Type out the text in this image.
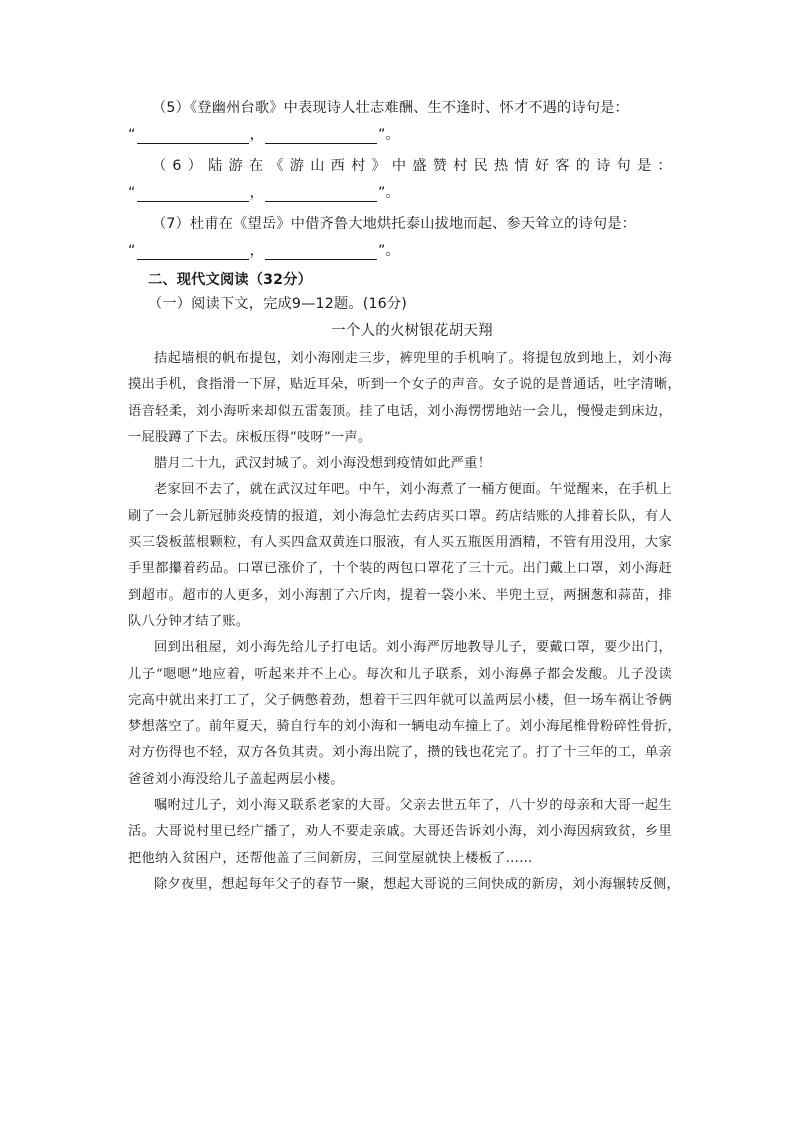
（5）《登幽州台歌》中表现诗人壮志难酬、生不逢时、怀才不遇的诗句是：
“	，	”。
（ 6 ） 陆 游 在 《 游 山 西 村 》 中 盛 赞 村 民 热 情 好 客 的 诗 句 是 ：
“	，	”。
（7）杜甫在《望岳》中借齐鲁大地烘托泰山拔地而起、参天耸立的诗句是：
“	，	”。
二、现代文阅读（32分）
（一）阅读下文，完成9—12题。(16分)
一个人的火树银花胡天翔
拮起墙根的帆布提包，刘小海刚走三步，裤兜里的手机响了。将提包放到地上，刘小海
摸出手机，食指滑一下屏，贴近耳朵，听到一个女子的声音。女子说的是普通话，吐字清晰，
语音轻柔，刘小海听来却似五雷轰顶。挂了电话，刘小海愣愣地站一会儿，慢慢走到床边，
一屁股蹲了下去。床板压得“吱呀”一声。
腊月二十九，武汉封城了。刘小海没想到疫情如此严重！
老家回不去了，就在武汉过年吧。中午，刘小海煮了一桶方便面。午觉醒来，在手机上
刷了一会儿新冠肺炎疫情的报道，刘小海急忙去药店买口罩。药店结账的人排着长队，有人
买三袋板蓝根颗粒，有人买四盒双黄连口服液，有人买五瓶医用酒精，不管有用没用，大家
手里都攥着药品。口罩已涨价了，十个装的两包口罩花了三十元。出门戴上口罩，刘小海赶
到超市。超市的人更多，刘小海割了六斤肉，提着一袋小米、半兜土豆，两捆葱和蒜苗，排
队八分钟才结了账。
回到出租屋，刘小海先给儿子打电话。刘小海严厉地教导儿子，要戴口罩，要少出门，
儿子“嗯嗯”地应着，听起来并不上心。每次和儿子联系，刘小海鼻子都会发酸。儿子没读
完高中就出来打工了，父子俩憋着劲，想着干三四年就可以盖两层小楼，但一场车祸让爷俩
梦想落空了。前年夏天，骑自行车的刘小海和一辆电动车撞上了。刘小海尾椎骨粉碎性骨折，
对方伤得也不轻，双方各负其责。刘小海出院了，攒的钱也花完了。打了十三年的工，单亲
爸爸刘小海没给儿子盖起两层小楼。
嘱咐过儿子，刘小海又联系老家的大哥。父亲去世五年了，八十岁的母亲和大哥一起生
活。大哥说村里已经广播了，劝人不要走亲戚。大哥还告诉刘小海，刘小海因病致贫，乡里
把他纳入贫困户，还帮他盖了三间新房，三间堂屋就快上楼板了……
除夕夜里，想起每年父子的春节一聚，想起大哥说的三间快成的新房，刘小海辗转反侧，
